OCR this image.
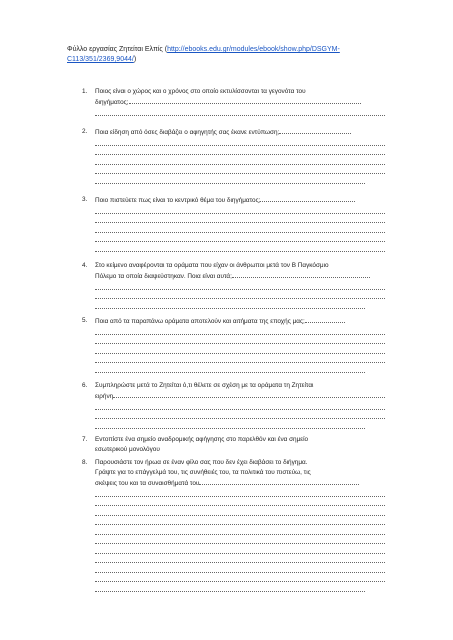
Φύλλο εργασίας Ζητείται Ελπίς (http://ebooks.edu.gr/modules/ebook/show.php/DSGYM-C113/351/2369,9044/)
1. Ποιος είναι ο χώρος και ο χρόνος στο οποίο εκτυλίσσονται τα γεγονότα του
διηγήματος;
2. Ποια είδηση από όσες διαβάζει ο αφηγητής σας έκανε εντύπωση;
3. Ποιο πιστεύετε πως είναι το κεντρικό θέμα του διηγήματος;
4. Στο κείμενο αναφέρονται τα οράματα που είχαν οι άνθρωποι μετά τον Β Παγκόσμιο
Πόλεμο τα οποία διαψεύστηκαν. Ποια είναι αυτά;
5. Ποια από τα παραπάνω οράματα αποτελούν και αιτήματα της εποχής μας;
6. Συμπληρώστε μετά το Ζητείται ό,τι θέλετε σε σχέση με τα οράματα τη Ζητείται
ειρήνη
7. Εντοπίστε ένα σημείο αναδρομικής αφήγησης στο παρελθόν και ένα σημείο
εσωτερικού μονολόγου
8. Παρουσιάστε τον ήρωα σε έναν φίλο σας που δεν έχει διαβάσει το διήγημα.
Γράψτε για το επάγγελμά του, τις συνήθειές του, τα πολιτικά του πιστεύω, τις
σκέψεις του και τα συναισθήματά του
